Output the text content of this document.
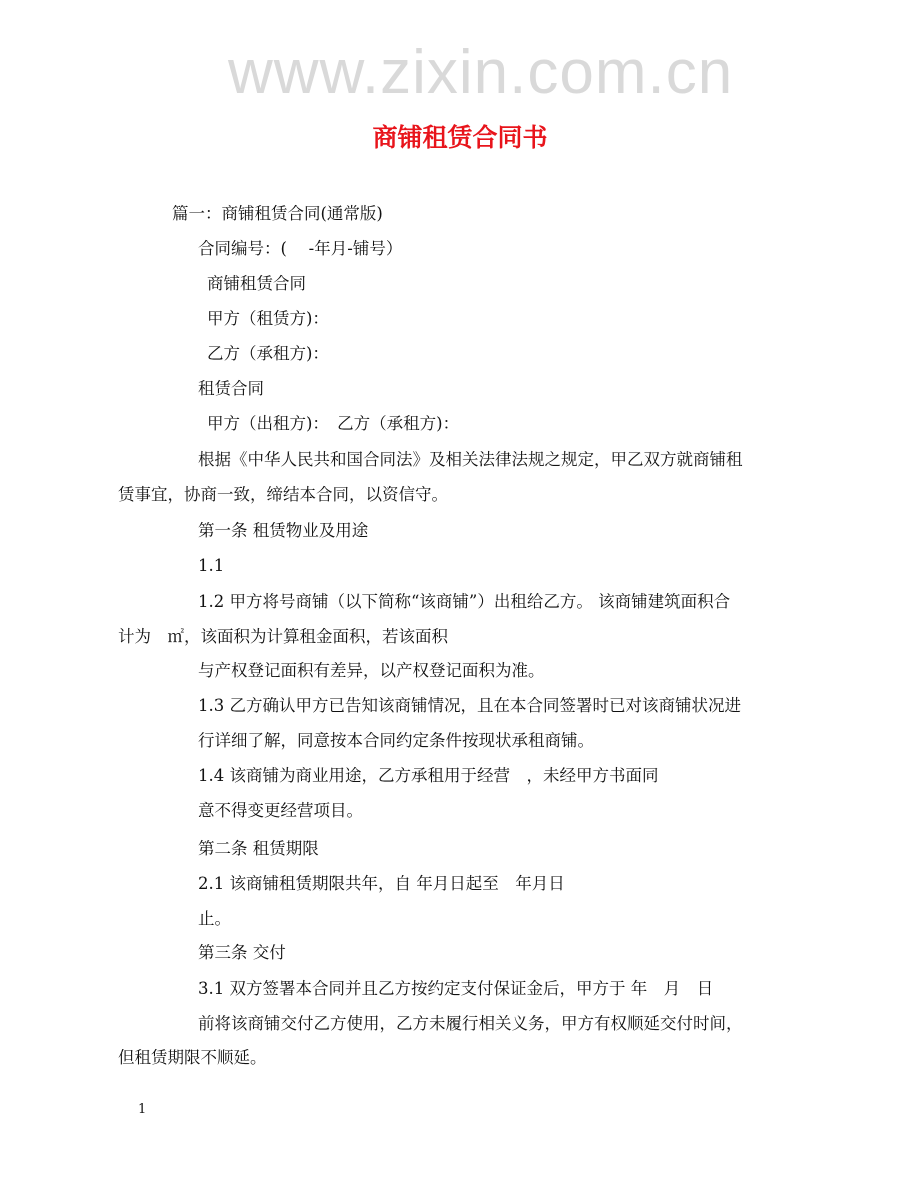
www.zixin.com.cn
商铺租赁合同书
篇一：商铺租赁合同(通常版)
合同编号：(　 -年月-铺号）
商铺租赁合同
甲方（租赁方)：
乙方（承租方)：
租赁合同
甲方（出租方)：　乙方（承租方)：
根据《中华人民共和国合同法》及相关法律法规之规定，甲乙双方就商铺租
赁事宜，协商一致，缔结本合同，以资信守。
第一条 租赁物业及用途
1.1
1.2 甲方将号商铺（以下简称“该商铺”）出租给乙方。 该商铺建筑面积合
计为　㎡，该面积为计算租金面积，若该面积
与产权登记面积有差异，以产权登记面积为准。
1.3 乙方确认甲方已告知该商铺情况，且在本合同签署时已对该商铺状况进
行详细了解，同意按本合同约定条件按现状承租商铺。
1.4 该商铺为商业用途，乙方承租用于经营　，未经甲方书面同
意不得变更经营项目。
第二条 租赁期限
2.1 该商铺租赁期限共年，自 年月日起至　年月日
止。
第三条 交付
3.1 双方签署本合同并且乙方按约定支付保证金后，甲方于 年　月　日
前将该商铺交付乙方使用，乙方未履行相关义务，甲方有权顺延交付时间，
但租赁期限不顺延。
1
